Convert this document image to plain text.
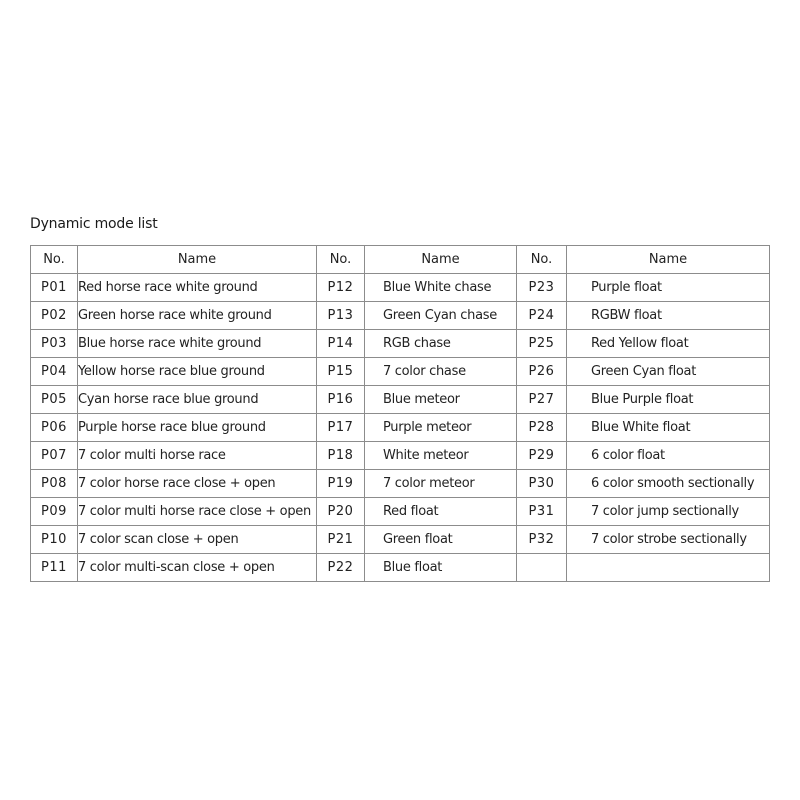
Dynamic mode list
No.	Name	No.	Name	No.	Name
P01	Red horse race white ground	P12	Blue White chase	P23	Purple float
P02	Green horse race white ground	P13	Green Cyan chase	P24	RGBW float
P03	Blue horse race white ground	P14	RGB chase	P25	Red Yellow float
P04	Yellow horse race blue ground	P15	7 color chase	P26	Green Cyan float
P05	Cyan horse race blue ground	P16	Blue meteor	P27	Blue Purple float
P06	Purple horse race blue ground	P17	Purple meteor	P28	Blue White float
P07	7 color multi horse race	P18	White meteor	P29	6 color float
P08	7 color horse race close + open	P19	7 color meteor	P30	6 color smooth sectionally
P09	7 color multi horse race close + open	P20	Red float	P31	7 color jump sectionally
P10	7 color scan close + open	P21	Green float	P32	7 color strobe sectionally
P11	7 color multi-scan close + open	P22	Blue float		
